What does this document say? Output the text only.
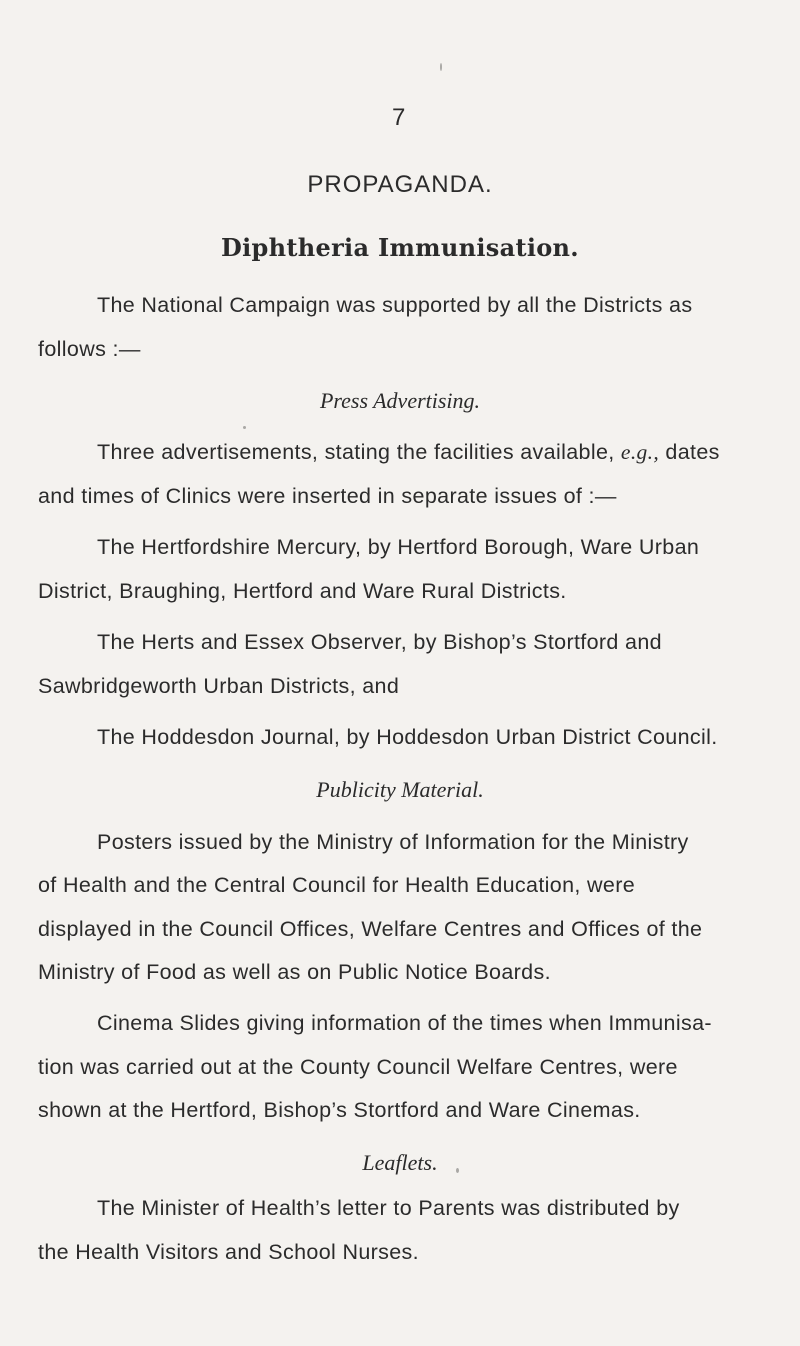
7
PROPAGANDA.
Diphtheria Immunisation.
The National Campaign was supported by all the Districts as
follows :—
Press Advertising.
Three advertisements, stating the facilities available, e.g., dates
and times of Clinics were inserted in separate issues of :—
The Hertfordshire Mercury, by Hertford Borough, Ware Urban
District, Braughing, Hertford and Ware Rural Districts.
The Herts and Essex Observer, by Bishop’s Stortford and
Sawbridgeworth Urban Districts, and
The Hoddesdon Journal, by Hoddesdon Urban District Council.
Publicity Material.
Posters issued by the Ministry of Information for the Ministry
of Health and the Central Council for Health Education, were
displayed in the Council Offices, Welfare Centres and Offices of the
Ministry of Food as well as on Public Notice Boards.
Cinema Slides giving information of the times when Immunisa-
tion was carried out at the County Council Welfare Centres, were
shown at the Hertford, Bishop’s Stortford and Ware Cinemas.
Leaflets.
The Minister of Health’s letter to Parents was distributed by
the Health Visitors and School Nurses.
